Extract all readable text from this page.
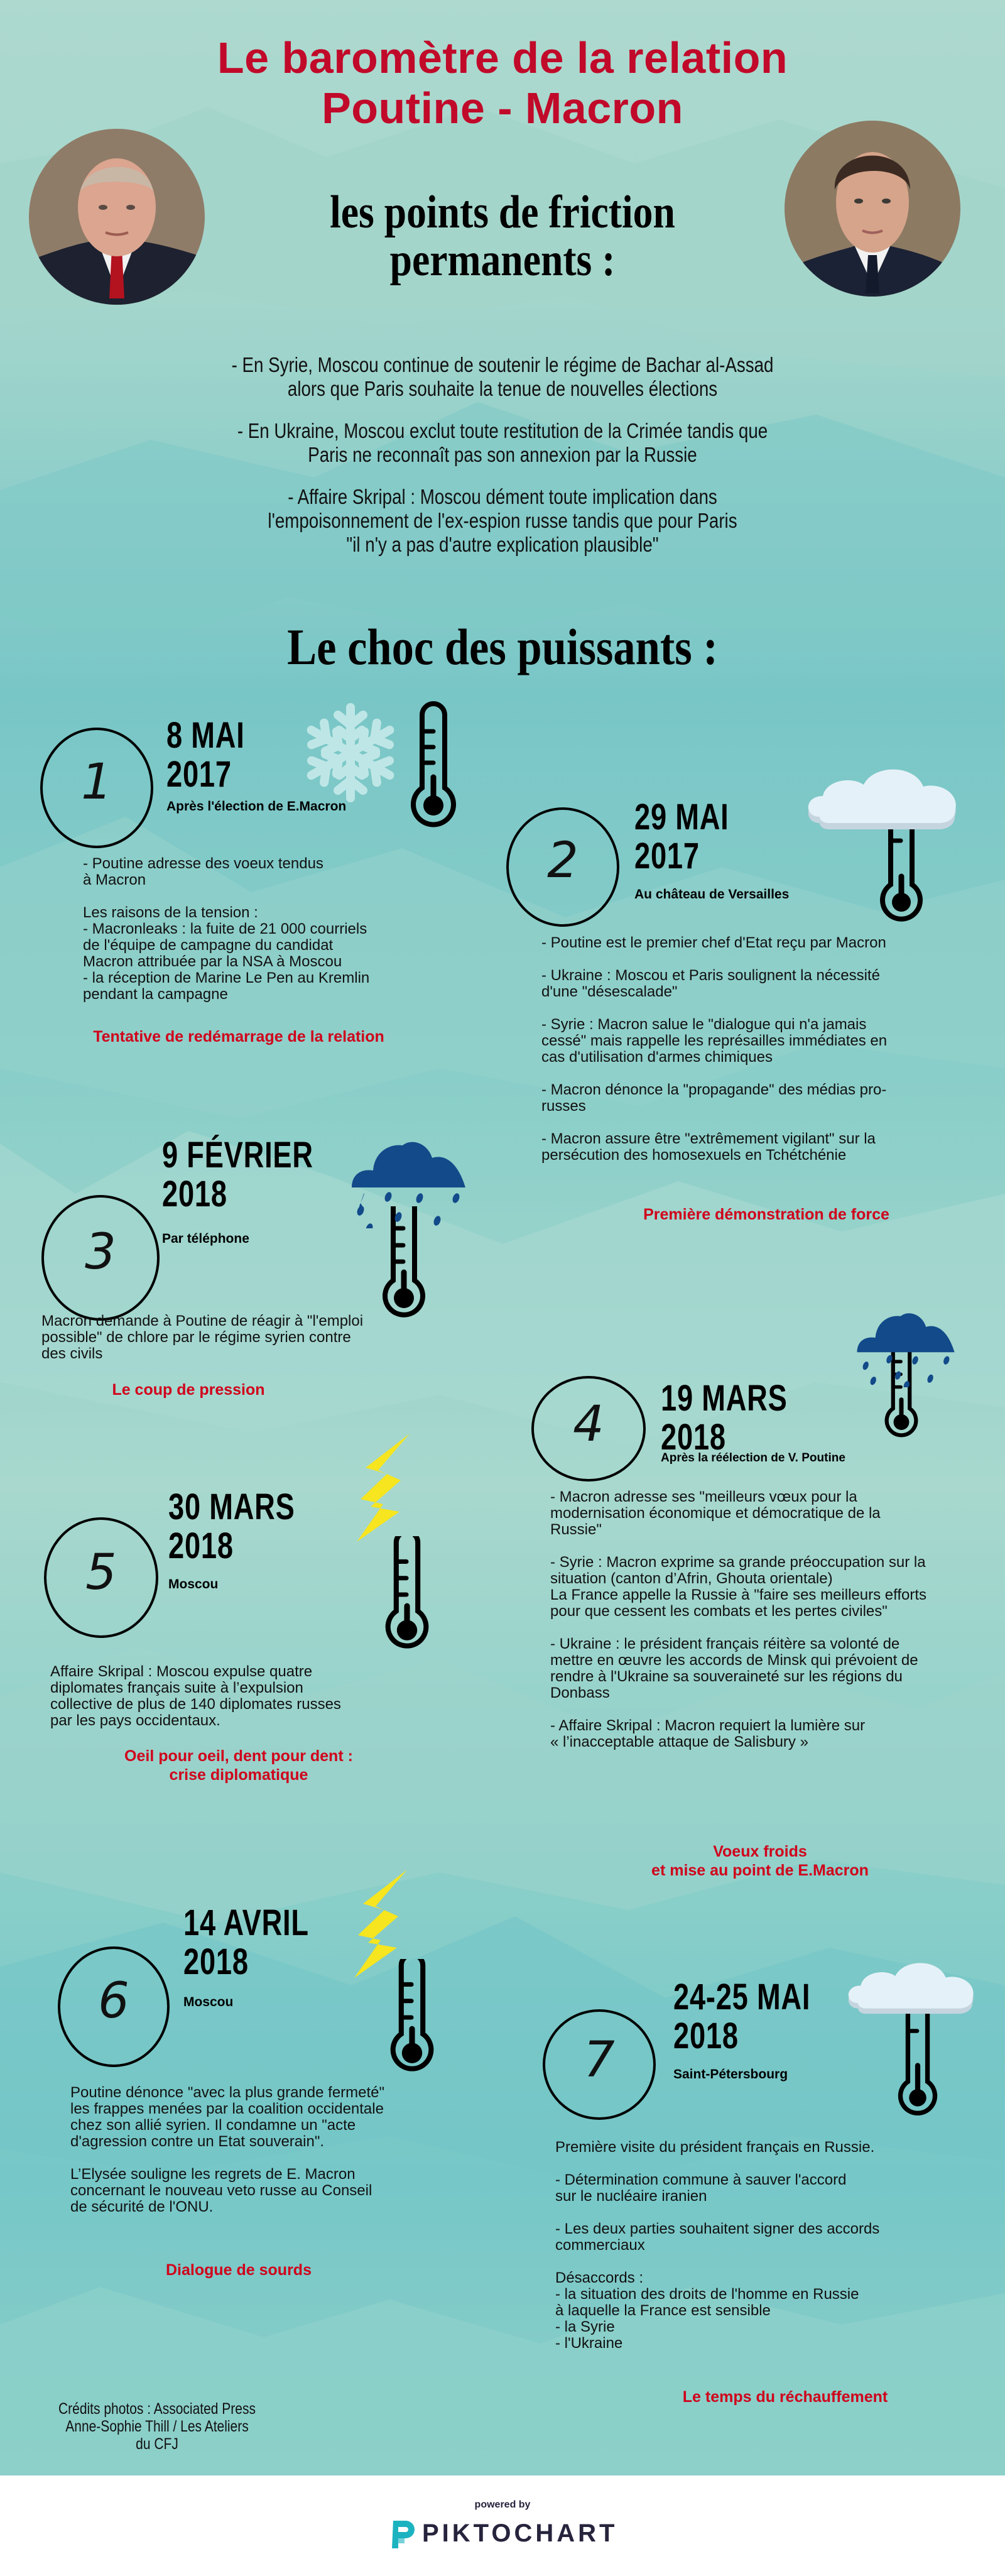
Le baromètre de la relation
Poutine - Macron
les points de friction
permanents :
- En Syrie, Moscou continue de soutenir le régime de Bachar al-Assad
alors que Paris souhaite la tenue de nouvelles élections
- En Ukraine, Moscou exclut toute restitution de la Crimée tandis que
Paris ne reconnaît pas son annexion par la Russie
- Affaire Skripal : Moscou dément toute implication dans
l'empoisonnement de l'ex-espion russe tandis que pour Paris
"il n'y a pas d'autre explication plausible"
Le choc des puissants :
1
8 MAI
2017
Après l'élection de E.Macron
- Poutine adresse des voeux tendus
à Macron

Les raisons de la tension :
- Macronleaks : la fuite de 21 000 courriels
de l'équipe de campagne du candidat
Macron attribuée par la NSA à Moscou
- la réception de Marine Le Pen au Kremlin
pendant la campagne
Tentative de redémarrage de la relation
2
29 MAI
2017
Au château de Versailles
- Poutine est le premier chef d'Etat reçu par Macron

- Ukraine : Moscou et Paris soulignent la nécessité
d'une "désescalade"

- Syrie : Macron salue le "dialogue qui n'a jamais
cessé" mais rappelle les représailles immédiates en
cas d'utilisation d'armes chimiques

- Macron dénonce la "propagande" des médias pro-
russes

- Macron assure être "extrêmement vigilant" sur la
persécution des homosexuels en Tchétchénie
Première démonstration de force
3
9 FÉVRIER
2018
Par téléphone
Macron demande à Poutine de réagir à "l'emploi
possible" de chlore par le régime syrien contre
des civils
Le coup de pression
4	19 MARS
2018
Après la réélection de V. Poutine
- Macron adresse ses "meilleurs vœux pour la
modernisation économique et démocratique de la
Russie"

- Syrie : Macron exprime sa grande préoccupation sur la
situation (canton d’Afrin, Ghouta orientale)
La France appelle la Russie à "faire ses meilleurs efforts
pour que cessent les combats et les pertes civiles"

- Ukraine : le président français réitère sa volonté de
mettre en œuvre les accords de Minsk qui prévoient de
rendre à l'Ukraine sa souveraineté sur les régions du
Donbass

- Affaire Skripal : Macron requiert la lumière sur
« l’inacceptable attaque de Salisbury »
Voeux froids
et mise au point de E.Macron
5
30 MARS
2018
Moscou
Affaire Skripal : Moscou expulse quatre
diplomates français suite à l’expulsion
collective de plus de 140 diplomates russes
par les pays occidentaux.
Oeil pour oeil, dent pour dent :
crise diplomatique
6
14 AVRIL
2018
Moscou
Poutine dénonce "avec la plus grande fermeté"
les frappes menées par la coalition occidentale
chez son allié syrien. Il condamne un "acte
d'agression contre un Etat souverain".

L’Elysée souligne les regrets de E. Macron
concernant le nouveau veto russe au Conseil
de sécurité de l'ONU.
Dialogue de sourds
7
24-25 MAI
2018
Saint-Pétersbourg
Première visite du président français en Russie.

- Détermination commune à sauver l'accord
sur le nucléaire iranien

- Les deux parties souhaitent signer des accords
commerciaux

Désaccords :
- la situation des droits de l'homme en Russie
à laquelle la France est sensible
- la Syrie
- l'Ukraine
Le temps du réchauffement
Crédits photos : Associated Press
Anne-Sophie Thill / Les Ateliers du CFJ
powered by
PIKTOCHART
